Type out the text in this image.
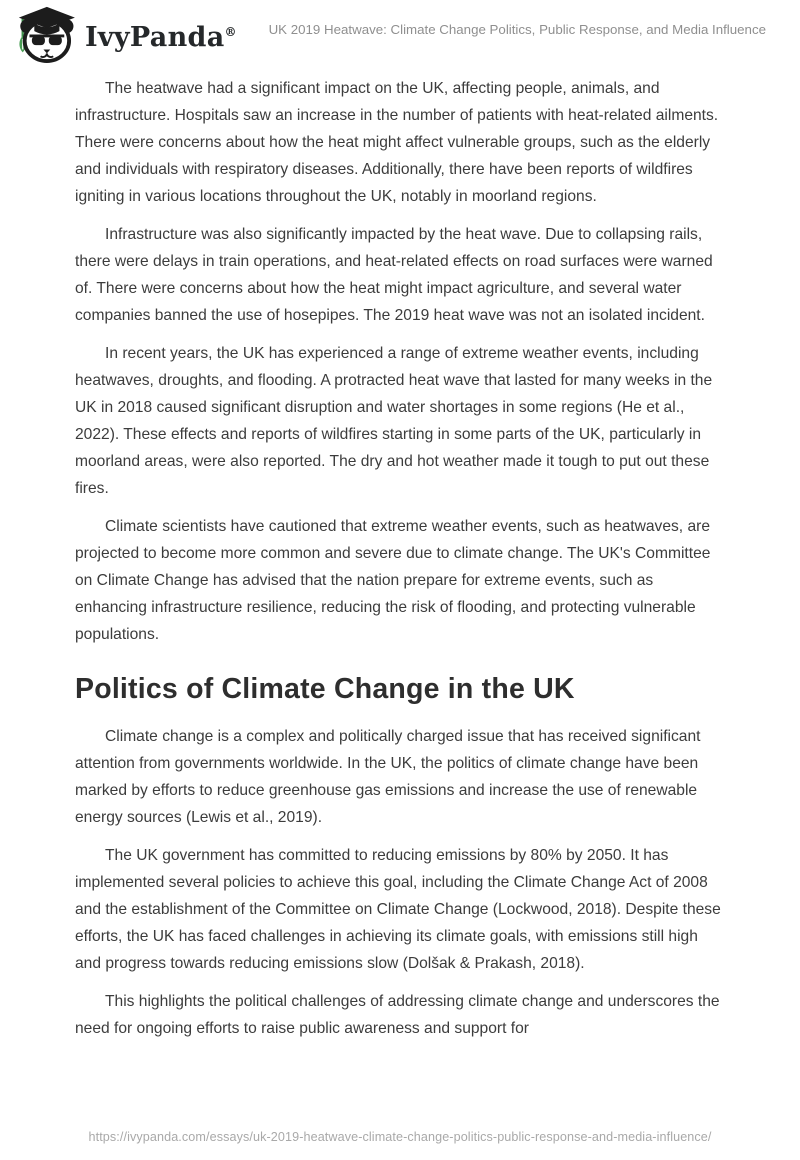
IvyPanda® UK 2019 Heatwave: Climate Change Politics, Public Response, and Media Influence

The heatwave had a significant impact on the UK, affecting people, animals, and infrastructure. Hospitals saw an increase in the number of patients with heat-related ailments. There were concerns about how the heat might affect vulnerable groups, such as the elderly and individuals with respiratory diseases. Additionally, there have been reports of wildfires igniting in various locations throughout the UK, notably in moorland regions.

Infrastructure was also significantly impacted by the heat wave. Due to collapsing rails, there were delays in train operations, and heat-related effects on road surfaces were warned of. There were concerns about how the heat might impact agriculture, and several water companies banned the use of hosepipes. The 2019 heat wave was not an isolated incident.

In recent years, the UK has experienced a range of extreme weather events, including heatwaves, droughts, and flooding. A protracted heat wave that lasted for many weeks in the UK in 2018 caused significant disruption and water shortages in some regions (He et al., 2022). These effects and reports of wildfires starting in some parts of the UK, particularly in moorland areas, were also reported. The dry and hot weather made it tough to put out these fires.

Climate scientists have cautioned that extreme weather events, such as heatwaves, are projected to become more common and severe due to climate change. The UK's Committee on Climate Change has advised that the nation prepare for extreme events, such as enhancing infrastructure resilience, reducing the risk of flooding, and protecting vulnerable populations.

Politics of Climate Change in the UK

Climate change is a complex and politically charged issue that has received significant attention from governments worldwide. In the UK, the politics of climate change have been marked by efforts to reduce greenhouse gas emissions and increase the use of renewable energy sources (Lewis et al., 2019).

The UK government has committed to reducing emissions by 80% by 2050. It has implemented several policies to achieve this goal, including the Climate Change Act of 2008 and the establishment of the Committee on Climate Change (Lockwood, 2018). Despite these efforts, the UK has faced challenges in achieving its climate goals, with emissions still high and progress towards reducing emissions slow (Dolšak & Prakash, 2018).

This highlights the political challenges of addressing climate change and underscores the need for ongoing efforts to raise public awareness and support for

https://ivypanda.com/essays/uk-2019-heatwave-climate-change-politics-public-response-and-media-influence/
